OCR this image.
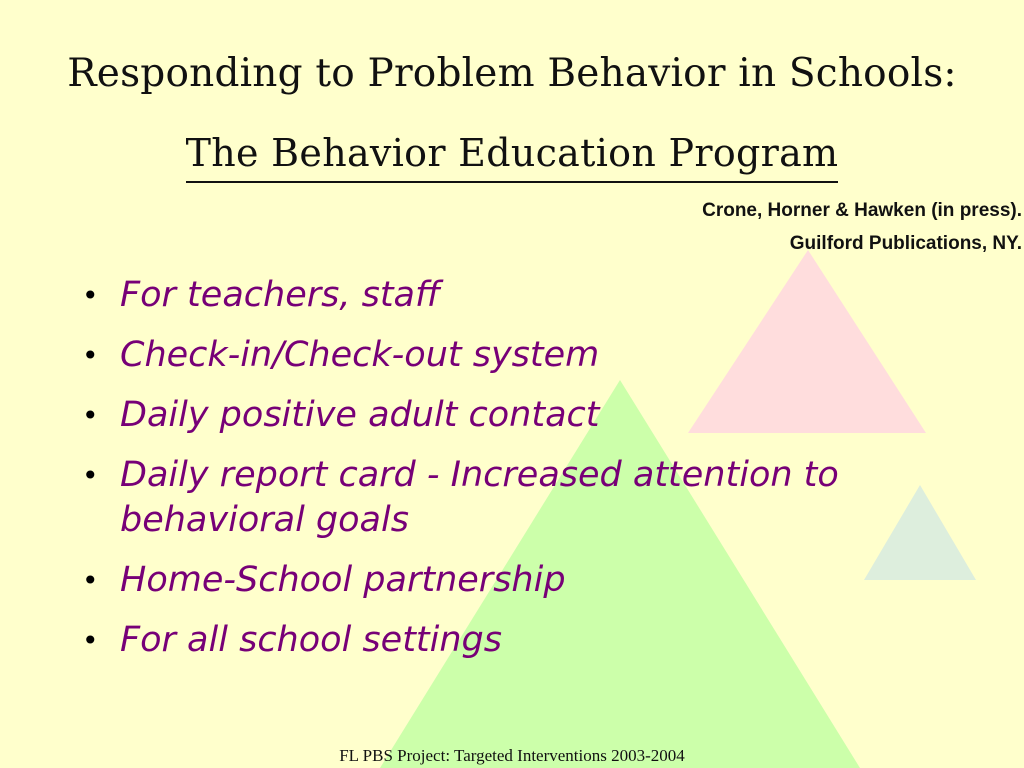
Responding to Problem Behavior in Schools:
The Behavior Education Program
Crone, Horner & Hawken (in press).
Guilford Publications, NY.
• For teachers, staff
• Check-in/Check-out system
• Daily positive adult contact
• Daily report card - Increased attention to behavioral goals
• Home-School partnership
• For all school settings
FL PBS Project: Targeted Interventions 2003-2004
